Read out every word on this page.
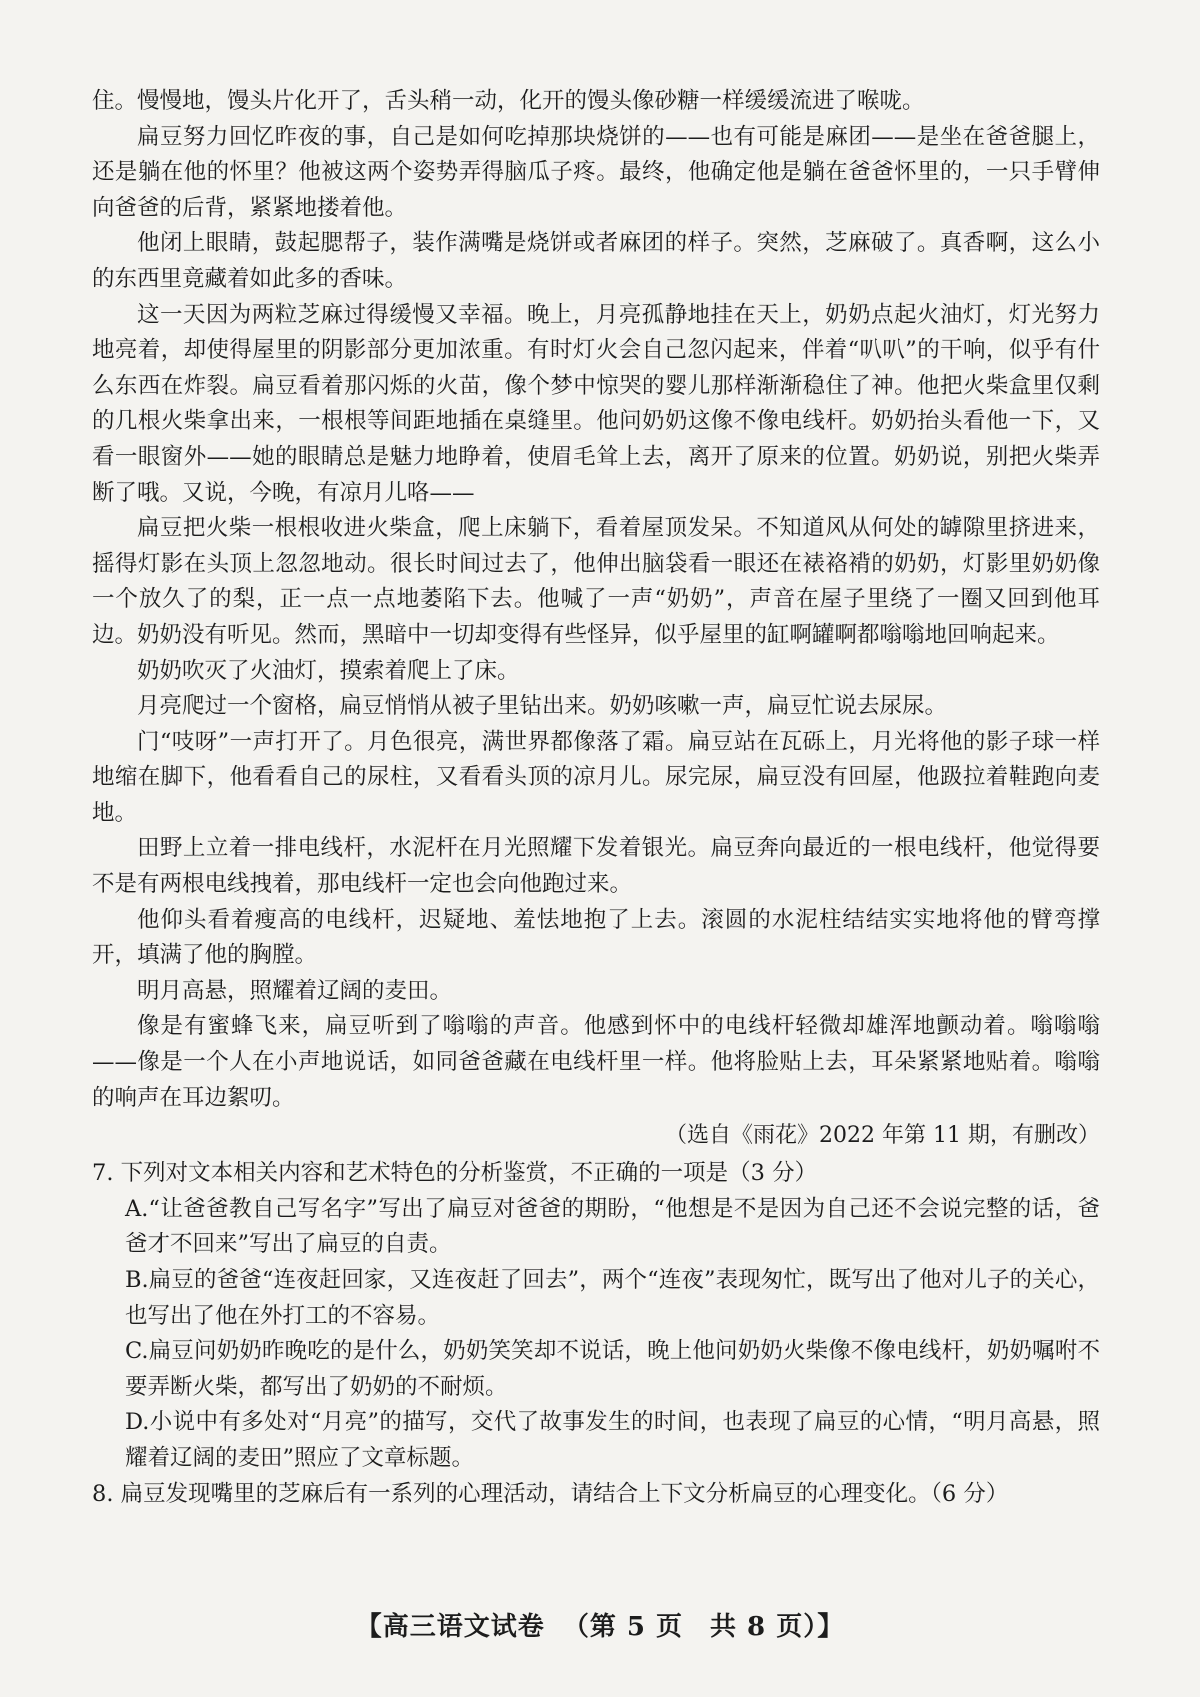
住。慢慢地，馒头片化开了，舌头稍一动，化开的馒头像砂糖一样缓缓流进了喉咙。

扁豆努力回忆昨夜的事，自己是如何吃掉那块烧饼的——也有可能是麻团——是坐在爸爸腿上，还是躺在他的怀里？他被这两个姿势弄得脑瓜子疼。最终，他确定他是躺在爸爸怀里的，一只手臂伸向爸爸的后背，紧紧地搂着他。

他闭上眼睛，鼓起腮帮子，装作满嘴是烧饼或者麻团的样子。突然，芝麻破了。真香啊，这么小的东西里竟藏着如此多的香味。

这一天因为两粒芝麻过得缓慢又幸福。晚上，月亮孤静地挂在天上，奶奶点起火油灯，灯光努力地亮着，却使得屋里的阴影部分更加浓重。有时灯火会自己忽闪起来，伴着“叭叭”的干响，似乎有什么东西在炸裂。扁豆看着那闪烁的火苗，像个梦中惊哭的婴儿那样渐渐稳住了神。他把火柴盒里仅剩的几根火柴拿出来，一根根等间距地插在桌缝里。他问奶奶这像不像电线杆。奶奶抬头看他一下，又看一眼窗外——她的眼睛总是魅力地睁着，使眉毛耸上去，离开了原来的位置。奶奶说，别把火柴弄断了哦。又说，今晚，有凉月儿咯——

扁豆把火柴一根根收进火柴盒，爬上床躺下，看着屋顶发呆。不知道风从何处的罅隙里挤进来，摇得灯影在头顶上忽忽地动。很长时间过去了，他伸出脑袋看一眼还在裱袼褙的奶奶，灯影里奶奶像一个放久了的梨，正一点一点地萎陷下去。他喊了一声“奶奶”，声音在屋子里绕了一圈又回到他耳边。奶奶没有听见。然而，黑暗中一切却变得有些怪异，似乎屋里的缸啊罐啊都嗡嗡地回响起来。

奶奶吹灭了火油灯，摸索着爬上了床。

月亮爬过一个窗格，扁豆悄悄从被子里钻出来。奶奶咳嗽一声，扁豆忙说去尿尿。

门“吱呀”一声打开了。月色很亮，满世界都像落了霜。扁豆站在瓦砾上，月光将他的影子球一样地缩在脚下，他看看自己的尿柱，又看看头顶的凉月儿。尿完尿，扁豆没有回屋，他趿拉着鞋跑向麦地。

田野上立着一排电线杆，水泥杆在月光照耀下发着银光。扁豆奔向最近的一根电线杆，他觉得要不是有两根电线拽着，那电线杆一定也会向他跑过来。

他仰头看着瘦高的电线杆，迟疑地、羞怯地抱了上去。滚圆的水泥柱结结实实地将他的臂弯撑开，填满了他的胸膛。

明月高悬，照耀着辽阔的麦田。

像是有蜜蜂飞来，扁豆听到了嗡嗡的声音。他感到怀中的电线杆轻微却雄浑地颤动着。嗡嗡嗡——像是一个人在小声地说话，如同爸爸藏在电线杆里一样。他将脸贴上去，耳朵紧紧地贴着。嗡嗡的响声在耳边絮叨。

（选自《雨花》2022 年第 11 期，有删改）

7. 下列对文本相关内容和艺术特色的分析鉴赏，不正确的一项是（3 分）

A.“让爸爸教自己写名字”写出了扁豆对爸爸的期盼，“他想是不是因为自己还不会说完整的话，爸爸才不回来”写出了扁豆的自责。

B.扁豆的爸爸“连夜赶回家，又连夜赶了回去”，两个“连夜”表现匆忙，既写出了他对儿子的关心，也写出了他在外打工的不容易。

C.扁豆问奶奶昨晚吃的是什么，奶奶笑笑却不说话，晚上他问奶奶火柴像不像电线杆，奶奶嘱咐不要弄断火柴，都写出了奶奶的不耐烦。

D.小说中有多处对“月亮”的描写，交代了故事发生的时间，也表现了扁豆的心情，“明月高悬，照耀着辽阔的麦田”照应了文章标题。

8. 扁豆发现嘴里的芝麻后有一系列的心理活动，请结合上下文分析扁豆的心理变化。（6 分）

【高三语文试卷 （第 5 页　共 8 页）】
